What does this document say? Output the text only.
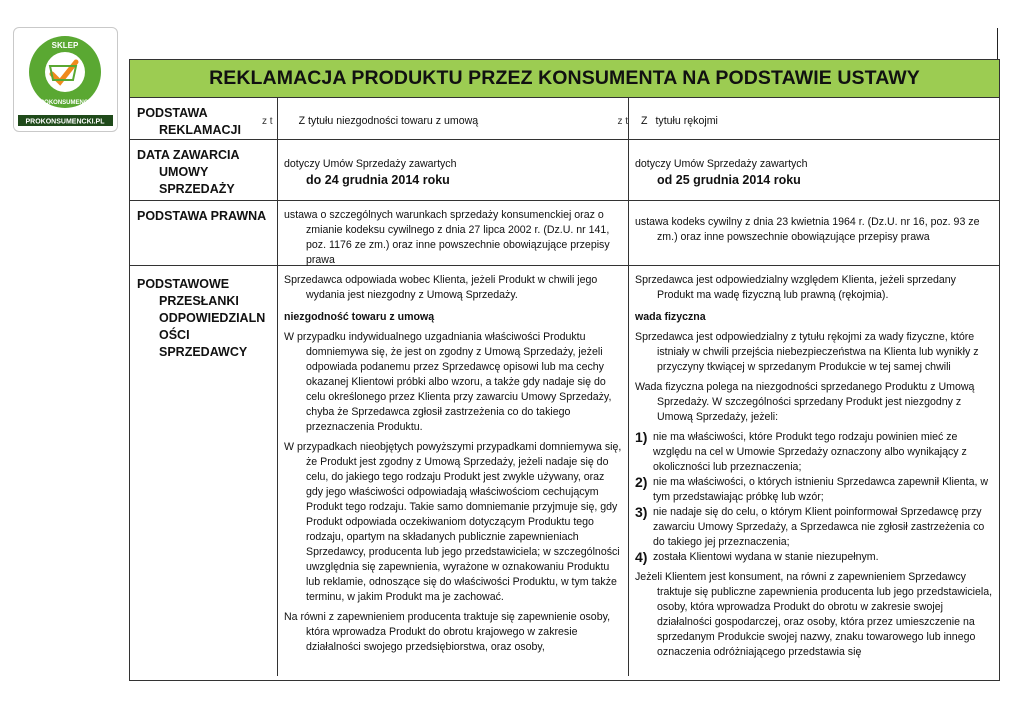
SKLEP
PROKONSUMENCKI
PROKONSUMENCKI.PL
REKLAMACJA PRODUKTU PRZEZ KONSUMENTA NA PODSTAWIE USTAWY
PODSTAWA
REKLAMACJI
z t Z tytułu niezgodności towaru z umową	z t Z tytułu rękojmi
DATA ZAWARCIA
UMOWY
SPRZEDAŻY
dotyczy Umów Sprzedaży zawartych
do 24 grudnia 2014 roku
dotyczy Umów Sprzedaży zawartych
od 25 grudnia 2014 roku
PODSTAWA PRAWNA	ustawa o szczególnych warunkach sprzedaży konsumenckiej oraz o zmianie kodeksu cywilnego z dnia 27 lipca 2002 r. (Dz.U. nr 141, poz. 1176 ze zm.) oraz inne powszechnie obowiązujące przepisy prawa

ustawa kodeks cywilny z dnia 23 kwietnia 1964 r. (Dz.U. nr 16, poz. 93 ze zm.) oraz inne powszechnie obowiązujące przepisy prawa

PODSTAWOWE
PRZESŁANKI
ODPOWIEDZIALN
OŚCI
SPRZEDAWCY

Sprzedawca odpowiada wobec Klienta, jeżeli Produkt w chwili jego wydania jest niezgodny z Umową Sprzedaży.

niezgodność towaru z umową

W przypadku indywidualnego uzgadniania właściwości Produktu domniemywa się, że jest on zgodny z Umową Sprzedaży, jeżeli odpowiada podanemu przez Sprzedawcę opisowi lub ma cechy okazanej Klientowi próbki albo wzoru, a także gdy nadaje się do celu określonego przez Klienta przy zawarciu Umowy Sprzedaży, chyba że Sprzedawca zgłosił zastrzeżenia co do takiego przeznaczenia Produktu.

W przypadkach nieobjętych powyższymi przypadkami domniemywa się, że Produkt jest zgodny z Umową Sprzedaży, jeżeli nadaje się do celu, do jakiego tego rodzaju Produkt jest zwykle używany, oraz gdy jego właściwości odpowiadają właściwościom cechującym Produkt tego rodzaju. Takie samo domniemanie przyjmuje się, gdy Produkt odpowiada oczekiwaniom dotyczącym Produktu tego rodzaju, opartym na składanych publicznie zapewnieniach Sprzedawcy, producenta lub jego przedstawiciela; w szczególności uwzględnia się zapewnienia, wyrażone w oznakowaniu Produktu lub reklamie, odnoszące się do właściwości Produktu, w tym także terminu, w jakim Produkt ma je zachować.

Na równi z zapewnieniem producenta traktuje się zapewnienie osoby, która wprowadza Produkt do obrotu krajowego w zakresie działalności swojego przedsiębiorstwa, oraz osoby,

Sprzedawca jest odpowiedzialny względem Klienta, jeżeli sprzedany Produkt ma wadę fizyczną lub prawną (rękojmia).

wada fizyczna

Sprzedawca jest odpowiedzialny z tytułu rękojmi za wady fizyczne, które istniały w chwili przejścia niebezpieczeństwa na Klienta lub wynikły z przyczyny tkwiącej w sprzedanym Produkcie w tej samej chwili

Wada fizyczna polega na niezgodności sprzedanego Produktu z Umową Sprzedaży. W szczególności sprzedany Produkt jest niezgodny z Umową Sprzedaży, jeżeli:

1) nie ma właściwości, które Produkt tego rodzaju powinien mieć ze względu na cel w Umowie Sprzedaży oznaczony albo wynikający z okoliczności lub przeznaczenia;
2) nie ma właściwości, o których istnieniu Sprzedawca zapewnił Klienta, w tym przedstawiając próbkę lub wzór;
3) nie nadaje się do celu, o którym Klient poinformował Sprzedawcę przy zawarciu Umowy Sprzedaży, a Sprzedawca nie zgłosił zastrzeżenia co do takiego jej przeznaczenia;
4) została Klientowi wydana w stanie niezupełnym.

Jeżeli Klientem jest konsument, na równi z zapewnieniem Sprzedawcy traktuje się publiczne zapewnienia producenta lub jego przedstawiciela, osoby, która wprowadza Produkt do obrotu w zakresie swojej działalności gospodarczej, oraz osoby, która przez umieszczenie na sprzedanym Produkcie swojej nazwy, znaku towarowego lub innego oznaczenia odróżniającego przedstawia się
